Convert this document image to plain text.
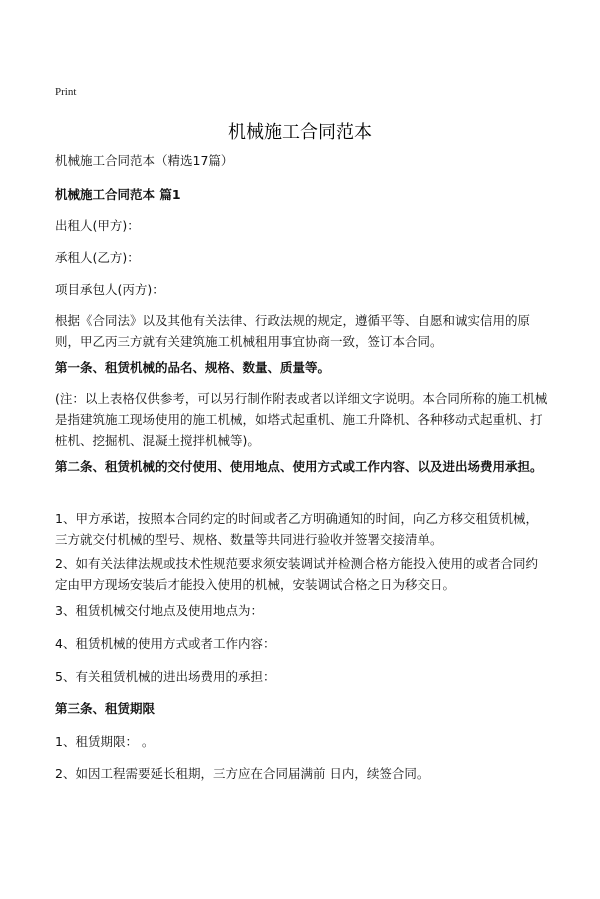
Print
机械施工合同范本

机械施工合同范本（精选17篇）

机械施工合同范本 篇1

出租人(甲方)：

承租人(乙方)：

项目承包人(丙方)：

根据《合同法》以及其他有关法律、行政法规的规定，遵循平等、自愿和诚实信用的原则，甲乙丙三方就有关建筑施工机械租用事宜协商一致，签订本合同。

第一条、租赁机械的品名、规格、数量、质量等。

(注：以上表格仅供参考，可以另行制作附表或者以详细文字说明。本合同所称的施工机械是指建筑施工现场使用的施工机械，如塔式起重机、施工升降机、各种移动式起重机、打桩机、挖掘机、混凝土搅拌机械等)。

第二条、租赁机械的交付使用、使用地点、使用方式或工作内容、以及进出场费用承担。

1、甲方承诺，按照本合同约定的时间或者乙方明确通知的时间，向乙方移交租赁机械，三方就交付机械的型号、规格、数量等共同进行验收并签署交接清单。

2、如有关法律法规或技术性规范要求须安装调试并检测合格方能投入使用的或者合同约定由甲方现场安装后才能投入使用的机械，安装调试合格之日为移交日。

3、租赁机械交付地点及使用地点为：

4、租赁机械的使用方式或者工作内容：

5、有关租赁机械的进出场费用的承担：

第三条、租赁期限

1、租赁期限： 。

2、如因工程需要延长租期，三方应在合同届满前 日内，续签合同。
